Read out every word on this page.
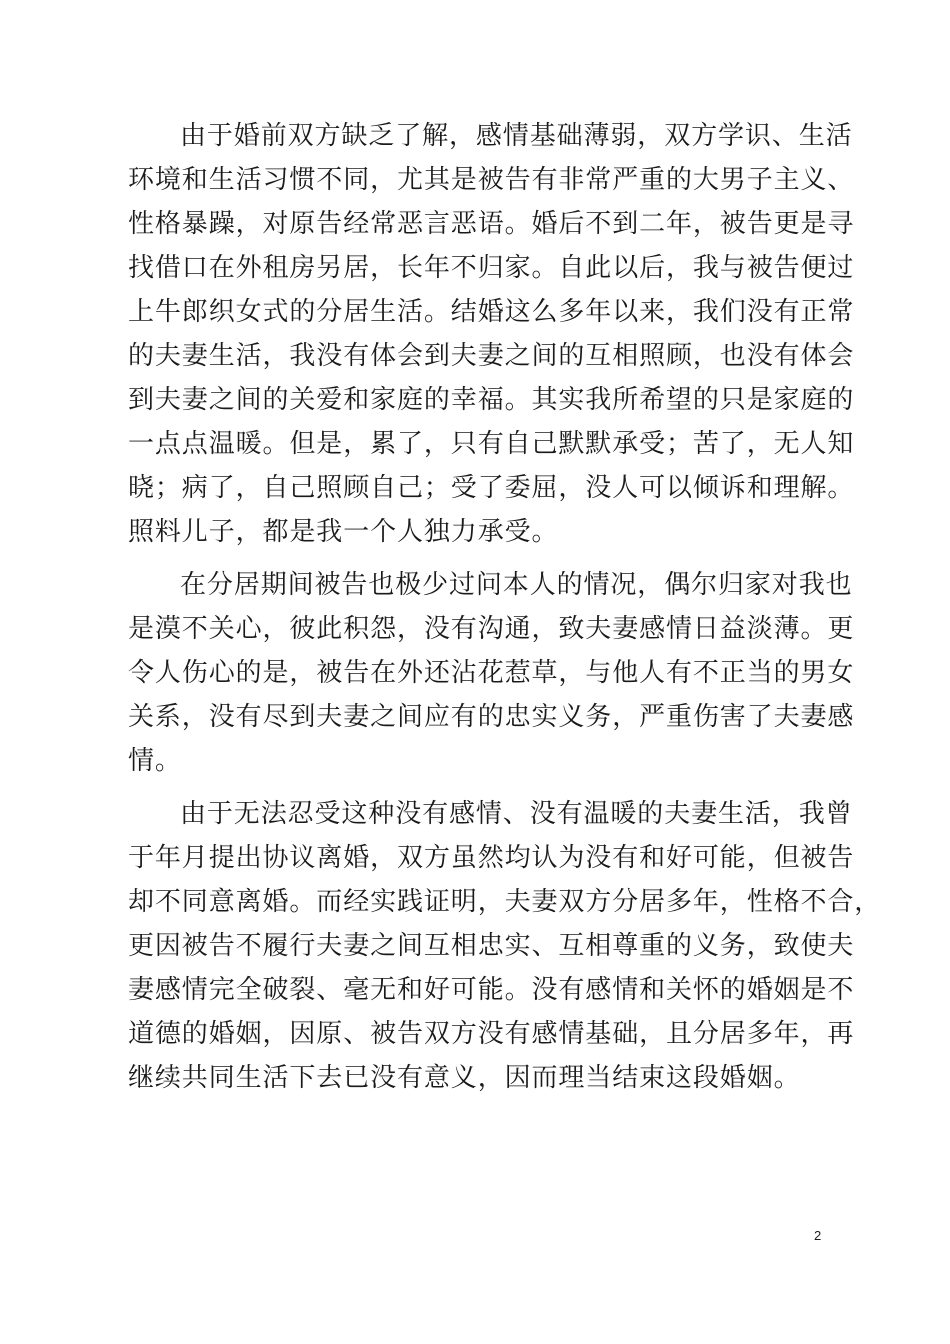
由于婚前双方缺乏了解，感情基础薄弱，双方学识、生活
环境和生活习惯不同，尤其是被告有非常严重的大男子主义、
性格暴躁，对原告经常恶言恶语。婚后不到二年，被告更是寻
找借口在外租房另居，长年不归家。自此以后，我与被告便过
上牛郎织女式的分居生活。结婚这么多年以来，我们没有正常
的夫妻生活，我没有体会到夫妻之间的互相照顾，也没有体会
到夫妻之间的关爱和家庭的幸福。其实我所希望的只是家庭的
一点点温暖。但是，累了，只有自己默默承受；苦了，无人知
晓；病了，自己照顾自己；受了委屈，没人可以倾诉和理解。
照料儿子，都是我一个人独力承受。
在分居期间被告也极少过问本人的情况，偶尔归家对我也
是漠不关心，彼此积怨，没有沟通，致夫妻感情日益淡薄。更
令人伤心的是，被告在外还沾花惹草，与他人有不正当的男女
关系，没有尽到夫妻之间应有的忠实义务，严重伤害了夫妻感
情。
由于无法忍受这种没有感情、没有温暖的夫妻生活，我曾
于年月提出协议离婚，双方虽然均认为没有和好可能，但被告
却不同意离婚。而经实践证明，夫妻双方分居多年，性格不合，
更因被告不履行夫妻之间互相忠实、互相尊重的义务，致使夫
妻感情完全破裂、毫无和好可能。没有感情和关怀的婚姻是不
道德的婚姻，因原、被告双方没有感情基础，且分居多年，再
继续共同生活下去已没有意义，因而理当结束这段婚姻。
2
